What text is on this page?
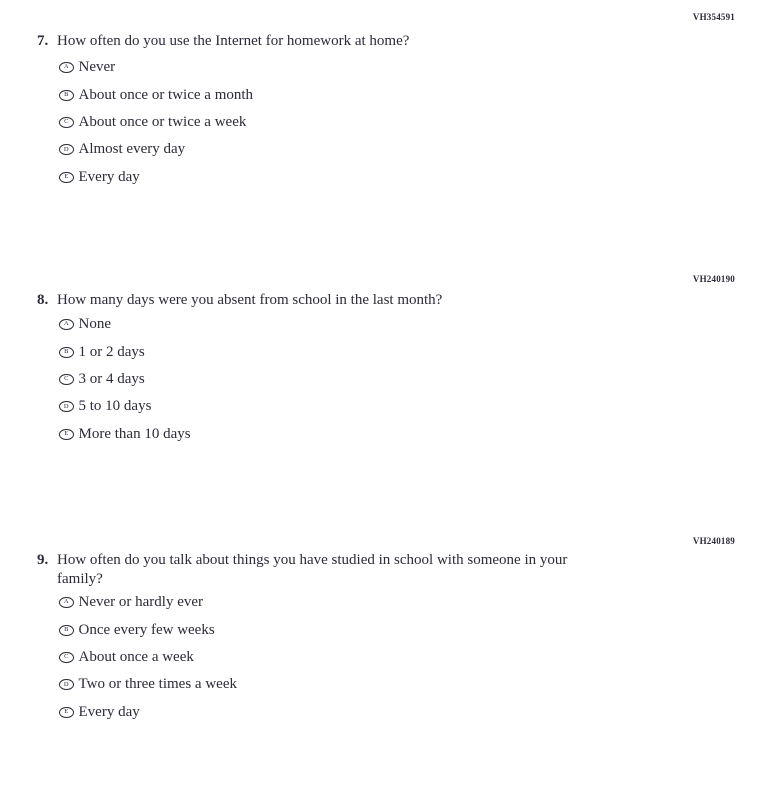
VH354591
7. How often do you use the Internet for homework at home?
A Never
B About once or twice a month
C About once or twice a week
D Almost every day
E Every day
VH240190
8. How many days were you absent from school in the last month?
A None
B 1 or 2 days
C 3 or 4 days
D 5 to 10 days
E More than 10 days
VH240189
9. How often do you talk about things you have studied in school with someone in your family?
A Never or hardly ever
B Once every few weeks
C About once a week
D Two or three times a week
E Every day
